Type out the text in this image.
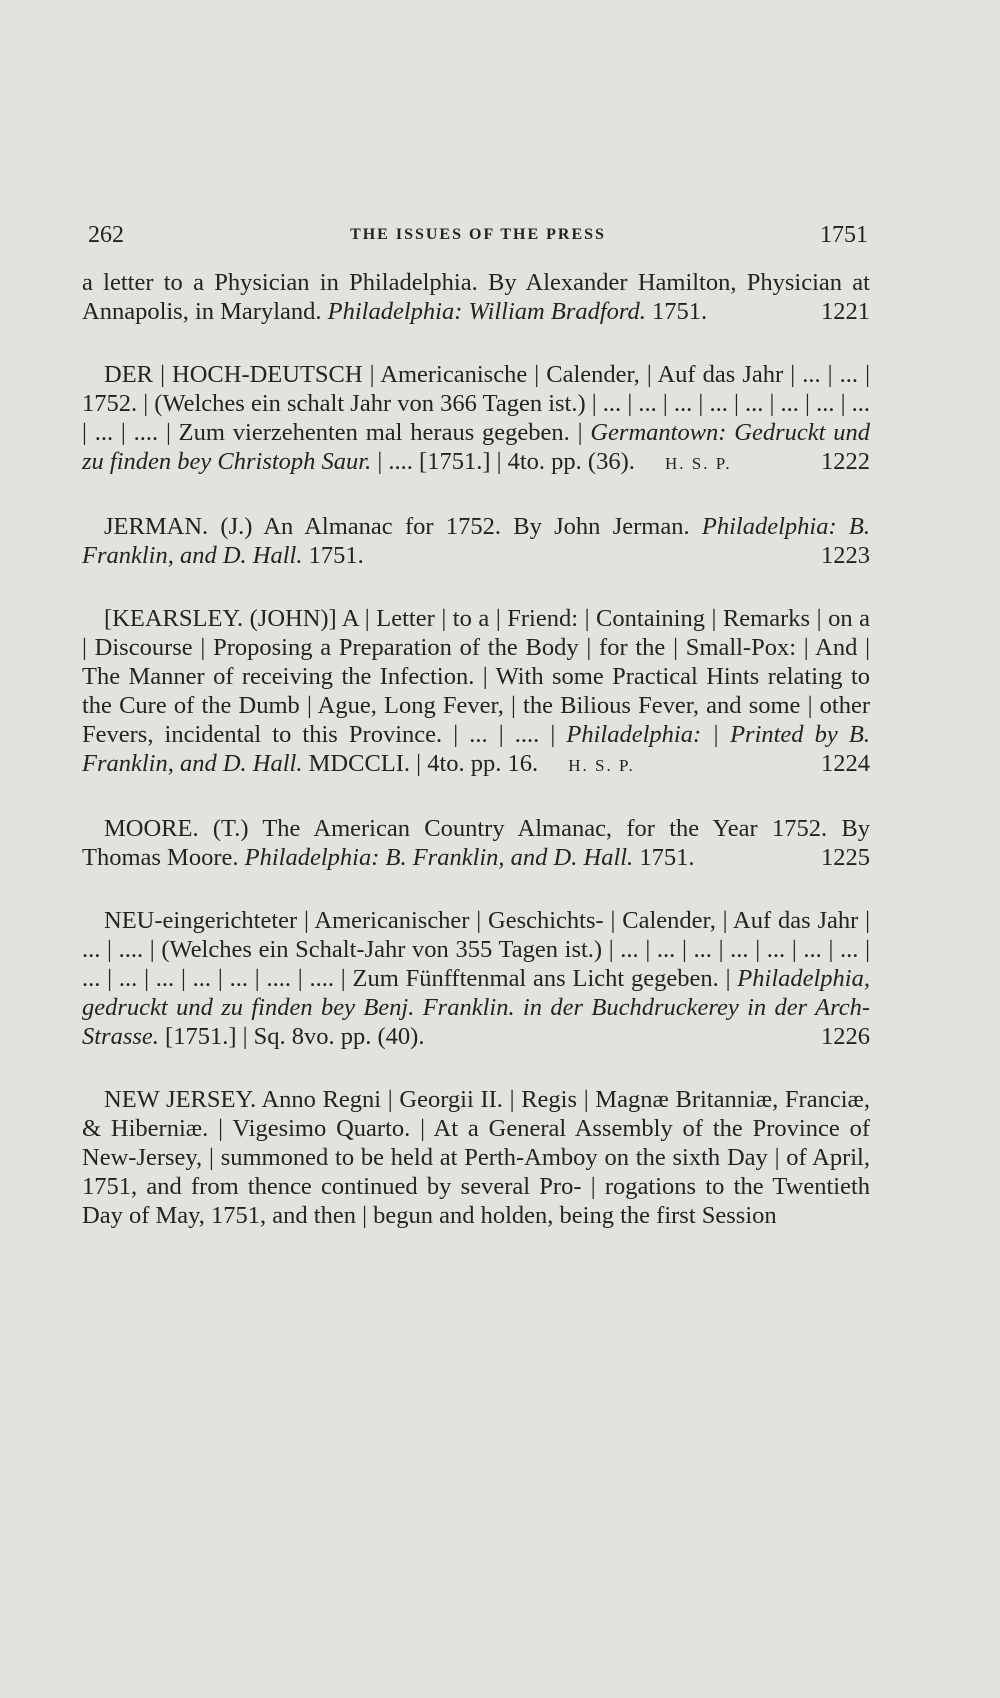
262	THE ISSUES OF THE PRESS	1751
a letter to a Physician in Philadelphia. By Alexander Hamilton, Physician at Annapolis, in Maryland. Philadelphia: William Bradford. 1751.	1221
DER | HOCH-DEUTSCH | Americanische | Calender, | Auf das Jahr | ... | ... | 1752. | (Welches ein schalt Jahr von 366 Tagen ist.) | ... | ... | ... | ... | ... | ... | ... | ... | ... | .... | Zum vierzehenten mal heraus gegeben. | Germantown: Gedruckt und zu finden bey Christoph Saur. | .... [1751.] | 4to. pp. (36). H. S. P.	1222
JERMAN. (J.) An Almanac for 1752. By John Jerman. Philadelphia: B. Franklin, and D. Hall. 1751.	1223
[KEARSLEY. (JOHN)] A | Letter | to a | Friend: | Containing | Remarks | on a | Discourse | Proposing a Preparation of the Body | for the | Small-Pox: | And | The Manner of receiving the Infection. | With some Practical Hints relating to the Cure of the Dumb | Ague, Long Fever, | the Bilious Fever, and some | other Fevers, incidental to this Province. | ... | .... | Philadelphia: | Printed by B. Franklin, and D. Hall. MDCCLI. | 4to. pp. 16. H. S. P.	1224
MOORE. (T.) The American Country Almanac, for the Year 1752. By Thomas Moore. Philadelphia: B. Franklin, and D. Hall. 1751.	1225
NEU-eingerichteter | Americanischer | Geschichts- | Calender, | Auf das Jahr | ... | .... | (Welches ein Schalt-Jahr von 355 Tagen ist.) | ... | ... | ... | ... | ... | ... | ... | ... | ... | ... | ... | ... | .... | .... | Zum Fünfftenmal ans Licht gegeben. | Philadelphia, gedruckt und zu finden bey Benj. Franklin. in der Buchdruckerey in der Arch-Strasse. [1751.] | Sq. 8vo. pp. (40).	1226
NEW JERSEY. Anno Regni | Georgii II. | Regis | Magnæ Britanniæ, Franciæ, & Hiberniæ. | Vigesimo Quarto. | At a General Assembly of the Province of New-Jersey, | summoned to be held at Perth-Amboy on the sixth Day | of April, 1751, and from thence continued by several Pro- | rogations to the Twentieth Day of May, 1751, and then | begun and holden, being the first Session
